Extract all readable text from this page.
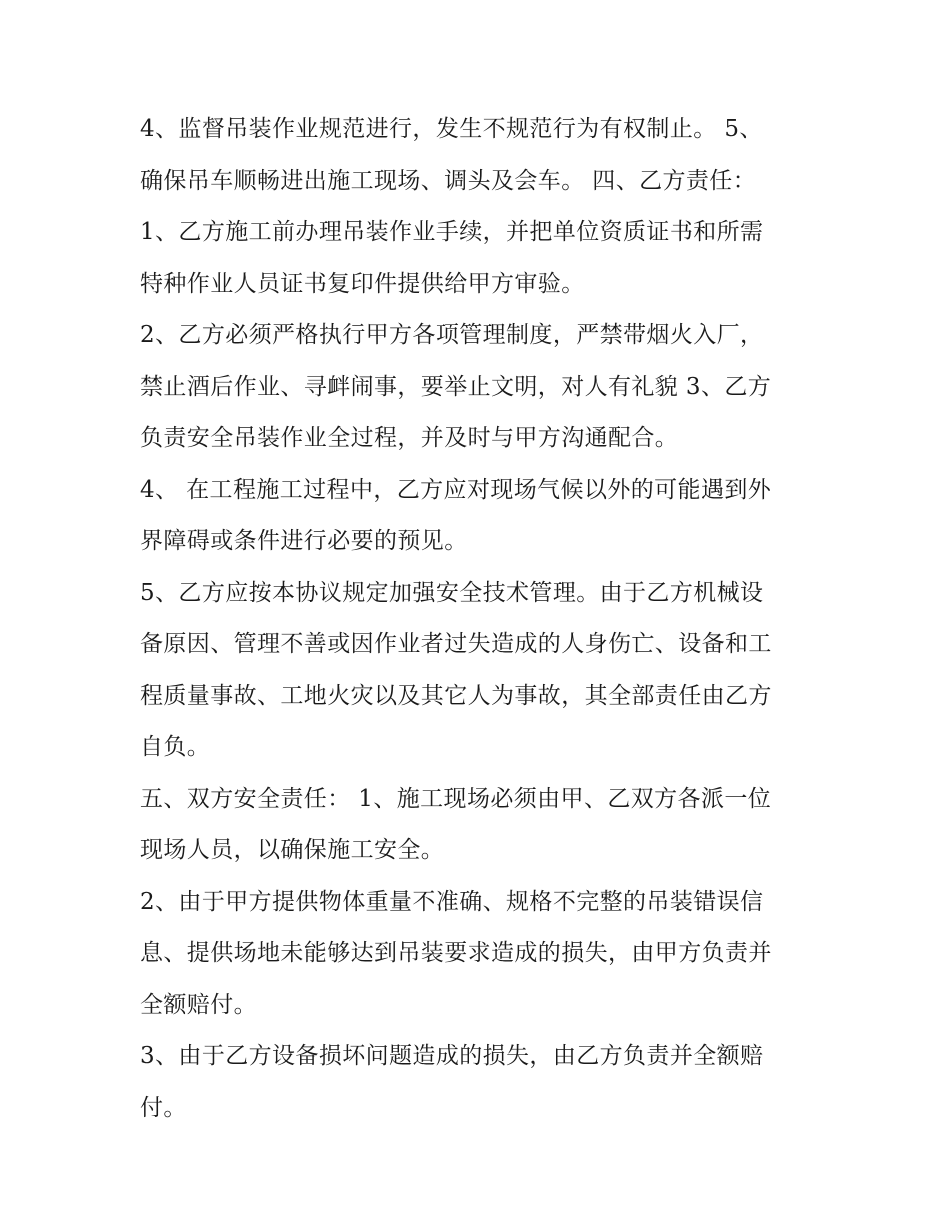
4、监督吊装作业规范进行，发生不规范行为有权制止。 5、
确保吊车顺畅进出施工现场、调头及会车。 四、乙方责任：
1、乙方施工前办理吊装作业手续，并把单位资质证书和所需
特种作业人员证书复印件提供给甲方审验。
2、乙方必须严格执行甲方各项管理制度，严禁带烟火入厂，
禁止酒后作业、寻衅闹事，要举止文明，对人有礼貌 3、乙方
负责安全吊装作业全过程，并及时与甲方沟通配合。
4、 在工程施工过程中，乙方应对现场气候以外的可能遇到外
界障碍或条件进行必要的预见。
5、乙方应按本协议规定加强安全技术管理。由于乙方机械设
备原因、管理不善或因作业者过失造成的人身伤亡、设备和工
程质量事故、工地火灾以及其它人为事故，其全部责任由乙方
自负。
五、双方安全责任： 1、施工现场必须由甲、乙双方各派一位
现场人员，以确保施工安全。
2、由于甲方提供物体重量不准确、规格不完整的吊装错误信
息、提供场地未能够达到吊装要求造成的损失，由甲方负责并
全额赔付。
3、由于乙方设备损坏问题造成的损失，由乙方负责并全额赔
付。
